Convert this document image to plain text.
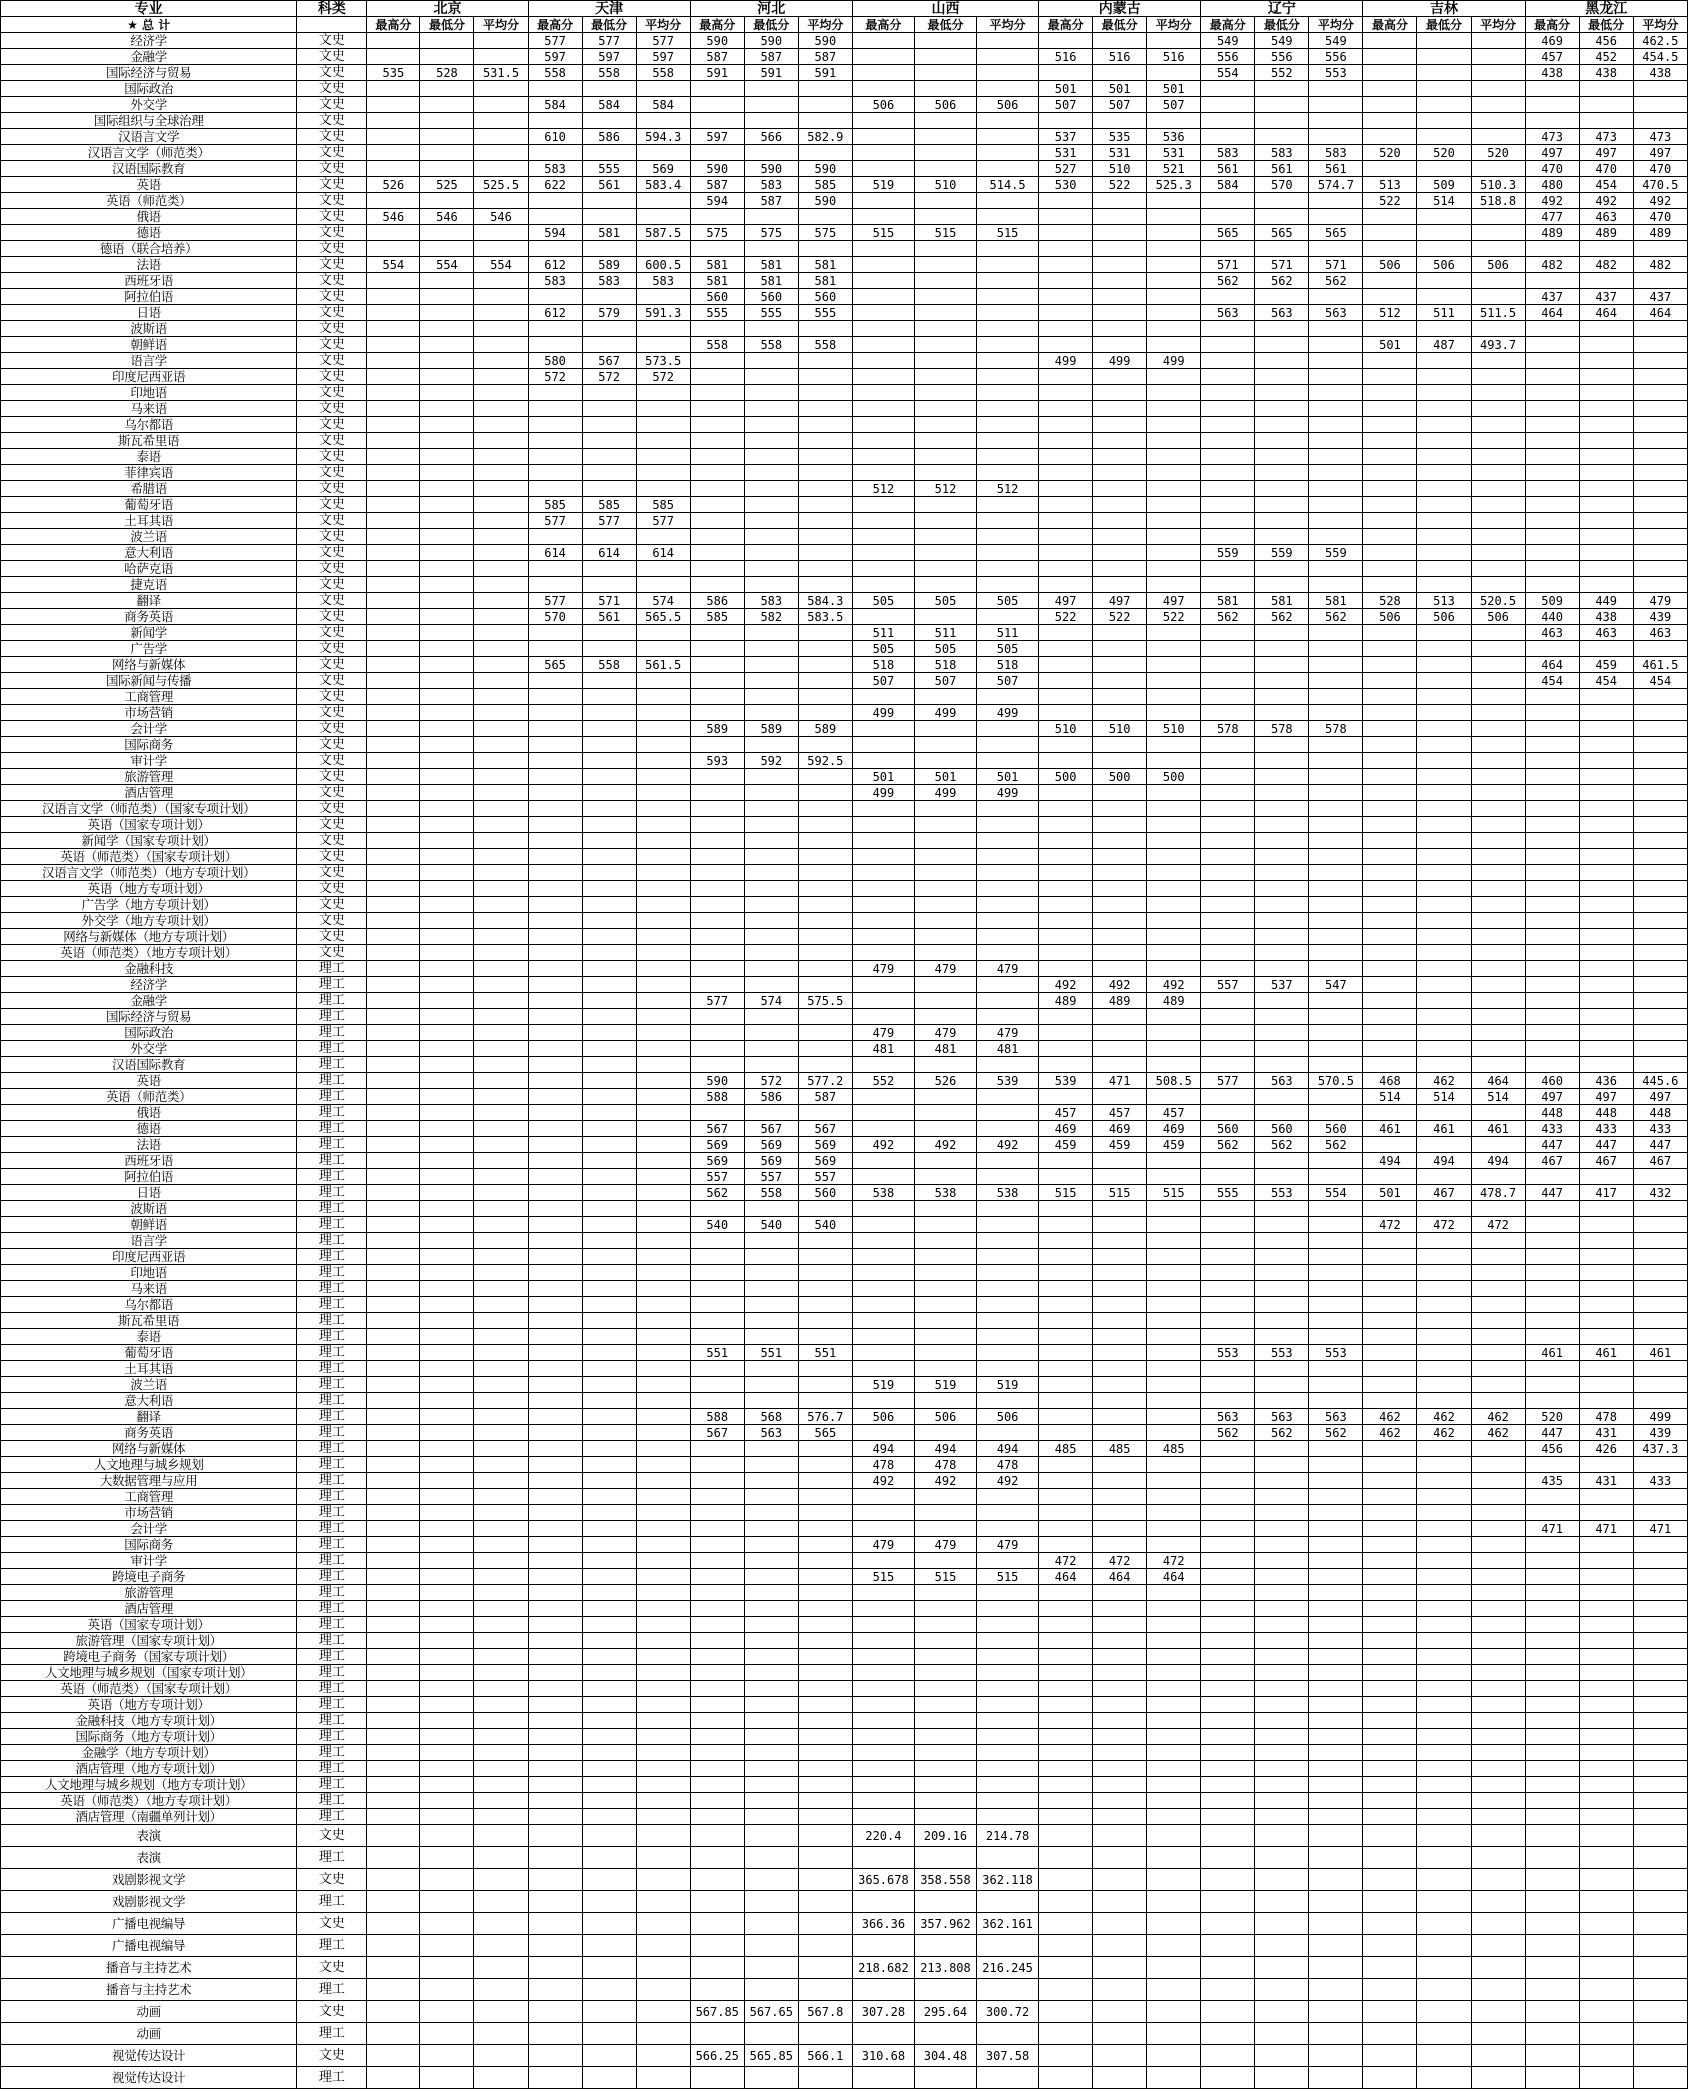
专业	科类	北京			天津			河北			山西			内蒙古			辽宁			吉林			黑龙江		
★ 总 计		最高分	最低分	平均分	最高分	最低分	平均分	最高分	最低分	平均分	最高分	最低分	平均分	最高分	最低分	平均分	最高分	最低分	平均分	最高分	最低分	平均分	最高分	最低分	平均分
经济学	文史				577	577	577	590	590	590							549	549	549				469	456	462.5
金融学	文史				597	597	597	587	587	587				516	516	516	556	556	556				457	452	454.5
国际经济与贸易	文史	535	528	531.5	558	558	558	591	591	591							554	552	553				438	438	438
国际政治	文史													501	501	501									
外交学	文史				584	584	584				506	506	506	507	507	507									
国际组织与全球治理	文史																								
汉语言文学	文史				610	586	594.3	597	566	582.9				537	535	536							473	473	473
汉语言文学（师范类）	文史													531	531	531	583	583	583	520	520	520	497	497	497
汉语国际教育	文史				583	555	569	590	590	590				527	510	521	561	561	561				470	470	470
英语	文史	526	525	525.5	622	561	583.4	587	583	585	519	510	514.5	530	522	525.3	584	570	574.7	513	509	510.3	480	454	470.5
英语（师范类）	文史							594	587	590										522	514	518.8	492	492	492
俄语	文史	546	546	546																			477	463	470
德语	文史				594	581	587.5	575	575	575	515	515	515				565	565	565				489	489	489
德语（联合培养）	文史																								
法语	文史	554	554	554	612	589	600.5	581	581	581							571	571	571	506	506	506	482	482	482
西班牙语	文史				583	583	583	581	581	581							562	562	562						
阿拉伯语	文史							560	560	560													437	437	437
日语	文史				612	579	591.3	555	555	555							563	563	563	512	511	511.5	464	464	464
波斯语	文史																								
朝鲜语	文史							558	558	558										501	487	493.7			
语言学	文史				580	567	573.5							499	499	499									
印度尼西亚语	文史				572	572	572																		
印地语	文史																								
马来语	文史																								
乌尔都语	文史																								
斯瓦希里语	文史																								
泰语	文史																								
菲律宾语	文史																								
希腊语	文史										512	512	512												
葡萄牙语	文史				585	585	585																		
土耳其语	文史				577	577	577																		
波兰语	文史																								
意大利语	文史				614	614	614										559	559	559						
哈萨克语	文史																								
捷克语	文史																								
翻译	文史				577	571	574	586	583	584.3	505	505	505	497	497	497	581	581	581	528	513	520.5	509	449	479
商务英语	文史				570	561	565.5	585	582	583.5				522	522	522	562	562	562	506	506	506	440	438	439
新闻学	文史										511	511	511										463	463	463
广告学	文史										505	505	505												
网络与新媒体	文史				565	558	561.5				518	518	518										464	459	461.5
国际新闻与传播	文史										507	507	507										454	454	454
工商管理	文史																								
市场营销	文史										499	499	499												
会计学	文史							589	589	589				510	510	510	578	578	578						
国际商务	文史																								
审计学	文史							593	592	592.5															
旅游管理	文史										501	501	501	500	500	500									
酒店管理	文史										499	499	499												
汉语言文学（师范类）（国家专项计划）	文史																								
英语（国家专项计划）	文史																								
新闻学（国家专项计划）	文史																								
英语（师范类）（国家专项计划）	文史																								
汉语言文学（师范类）（地方专项计划）	文史																								
英语（地方专项计划）	文史																								
广告学（地方专项计划）	文史																								
外交学（地方专项计划）	文史																								
网络与新媒体（地方专项计划）	文史																								
英语（师范类）（地方专项计划）	文史																								
金融科技	理工										479	479	479												
经济学	理工													492	492	492	557	537	547						
金融学	理工							577	574	575.5				489	489	489									
国际经济与贸易	理工																								
国际政治	理工										479	479	479												
外交学	理工										481	481	481												
汉语国际教育	理工																								
英语	理工							590	572	577.2	552	526	539	539	471	508.5	577	563	570.5	468	462	464	460	436	445.6
英语（师范类）	理工							588	586	587										514	514	514	497	497	497
俄语	理工													457	457	457							448	448	448
德语	理工							567	567	567				469	469	469	560	560	560	461	461	461	433	433	433
法语	理工							569	569	569	492	492	492	459	459	459	562	562	562				447	447	447
西班牙语	理工							569	569	569										494	494	494	467	467	467
阿拉伯语	理工							557	557	557															
日语	理工							562	558	560	538	538	538	515	515	515	555	553	554	501	467	478.7	447	417	432
波斯语	理工																								
朝鲜语	理工							540	540	540										472	472	472			
语言学	理工																								
印度尼西亚语	理工																								
印地语	理工																								
马来语	理工																								
乌尔都语	理工																								
斯瓦希里语	理工																								
泰语	理工																								
葡萄牙语	理工							551	551	551							553	553	553				461	461	461
土耳其语	理工																								
波兰语	理工										519	519	519												
意大利语	理工																								
翻译	理工							588	568	576.7	506	506	506				563	563	563	462	462	462	520	478	499
商务英语	理工							567	563	565							562	562	562	462	462	462	447	431	439
网络与新媒体	理工										494	494	494	485	485	485							456	426	437.3
人文地理与城乡规划	理工										478	478	478												
大数据管理与应用	理工										492	492	492										435	431	433
工商管理	理工																								
市场营销	理工																								
会计学	理工																						471	471	471
国际商务	理工										479	479	479												
审计学	理工													472	472	472									
跨境电子商务	理工										515	515	515	464	464	464									
旅游管理	理工																								
酒店管理	理工																								
英语（国家专项计划）	理工																								
旅游管理（国家专项计划）	理工																								
跨境电子商务（国家专项计划）	理工																								
人文地理与城乡规划（国家专项计划）	理工																								
英语（师范类）（国家专项计划）	理工																								
英语（地方专项计划）	理工																								
金融科技（地方专项计划）	理工																								
国际商务（地方专项计划）	理工																								
金融学（地方专项计划）	理工																								
酒店管理（地方专项计划）	理工																								
人文地理与城乡规划（地方专项计划）	理工																								
英语（师范类）（地方专项计划）	理工																								
酒店管理（南疆单列计划）	理工																								
表演	文史										220.4	209.16	214.78												
表演	理工																								
戏剧影视文学	文史										365.678	358.558	362.118												
戏剧影视文学	理工																								
广播电视编导	文史										366.36	357.962	362.161												
广播电视编导	理工																								
播音与主持艺术	文史										218.682	213.808	216.245												
播音与主持艺术	理工																								
动画	文史							567.85	567.65	567.8	307.28	295.64	300.72												
动画	理工																								
视觉传达设计	文史							566.25	565.85	566.1	310.68	304.48	307.58												
视觉传达设计	理工																								
